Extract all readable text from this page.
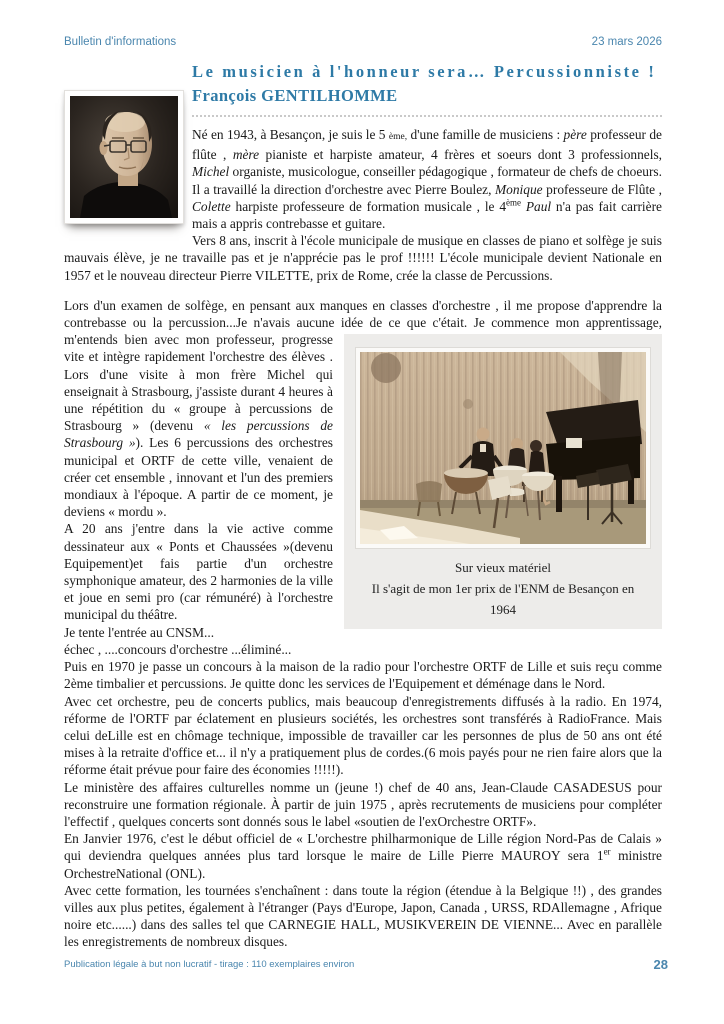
Bulletin d'informations	23 mars 2026
Le musicien à l'honneur sera… Percussionniste !
François GENTILHOMME
Né en 1943, à Besançon, je suis le 5 ème, d'une famille de musiciens : père professeur de flûte , mère pianiste et harpiste amateur, 4 frères et soeurs dont 3 professionnels, Michel organiste, musicologue, conseiller pédagogique , formateur de chefs de choeurs. Il a travaillé la direction d'orchestre avec Pierre Boulez, Monique professeure de Flûte , Colette harpiste professeure de formation musicale , le 4ème Paul n'a pas fait carrière mais a appris contrebasse et guitare.
Vers 8 ans, inscrit à l'école municipale de musique en classes de piano et solfège je suis mauvais élève, je ne travaille pas et je n'apprécie pas le prof !!!!!! L'école municipale devient Nationale en 1957 et le nouveau directeur Pierre VILETTE, prix de Rome, crée la classe de Percussions.
Lors d'un examen de solfège, en pensant aux manques en classes d'orchestre , il me propose d'apprendre la contrebasse ou la percussion...Je n'avais aucune idée de ce que c'était. Je commence mon
Sur vieux matériel
Il s'agit de mon 1er prix de l'ENM de Besançon en
1964
apprentissage, m'entends bien avec mon professeur, progresse vite et intègre rapidement l'orchestre des élèves . Lors d'une visite à mon frère Michel qui enseignait à Strasbourg, j'assiste durant 4 heures à une répétition du « groupe à percussions de Strasbourg » (devenu « les percussions de Strasbourg »). Les 6 percussions des orchestres municipal et ORTF de cette ville, venaient de créer cet ensemble , innovant et l'un des premiers mondiaux à l'époque. A partir de ce moment, je deviens « mordu ».
A 20 ans j'entre dans la vie active comme dessinateur aux « Ponts et Chaussées »(devenu Equipement)et fais partie d'un orchestre symphonique amateur, des 2 harmonies de la ville et joue en semi pro (car rémunéré) à l'orchestre municipal du théâtre.
Je tente l'entrée au CNSM...
échec , ....concours d'orchestre ...éliminé...
Puis en 1970 je passe un concours à la maison de la radio pour l'orchestre ORTF de Lille et suis reçu comme 2ème timbalier et percussions. Je quitte donc les services de l'Equipement et déménage dans le Nord.
Avec cet orchestre, peu de concerts publics, mais beaucoup d'enregistrements diffusés à la radio. En 1974, réforme de l'ORTF par éclatement en plusieurs sociétés, les orchestres sont transférés à RadioFrance. Mais celui deLille est en chômage technique, impossible de travailler car les personnes de plus de 50 ans ont été mises à la retraite d'office et... il n'y a pratiquement plus de cordes.(6 mois payés pour ne rien faire alors que la réforme était prévue pour faire des économies !!!!!).
Le ministère des affaires culturelles nomme un (jeune !) chef de 40 ans, Jean-Claude CASADESUS pour reconstruire une formation régionale. À partir de juin 1975 , après recrutements de musiciens pour compléter l'effectif , quelques concerts sont donnés sous le label «soutien de l'exOrchestre ORTF».
En Janvier 1976, c'est le début officiel de « L'orchestre philharmonique de Lille région Nord-Pas de Calais » qui deviendra quelques années plus tard lorsque le maire de Lille Pierre MAUROY sera 1er ministre OrchestreNational (ONL).
Avec cette formation, les tournées s'enchaînent : dans toute la région (étendue à la Belgique !!) , des grandes villes aux plus petites, également à l'étranger (Pays d'Europe, Japon, Canada , URSS, RDAllemagne , Afrique noire etc......) dans des salles tel que CARNEGIE HALL, MUSIKVEREIN DE VIENNE... Avec en parallèle les enregistrements de nombreux disques.
Publication légale à but non lucratif - tirage : 110 exemplaires environ	28
